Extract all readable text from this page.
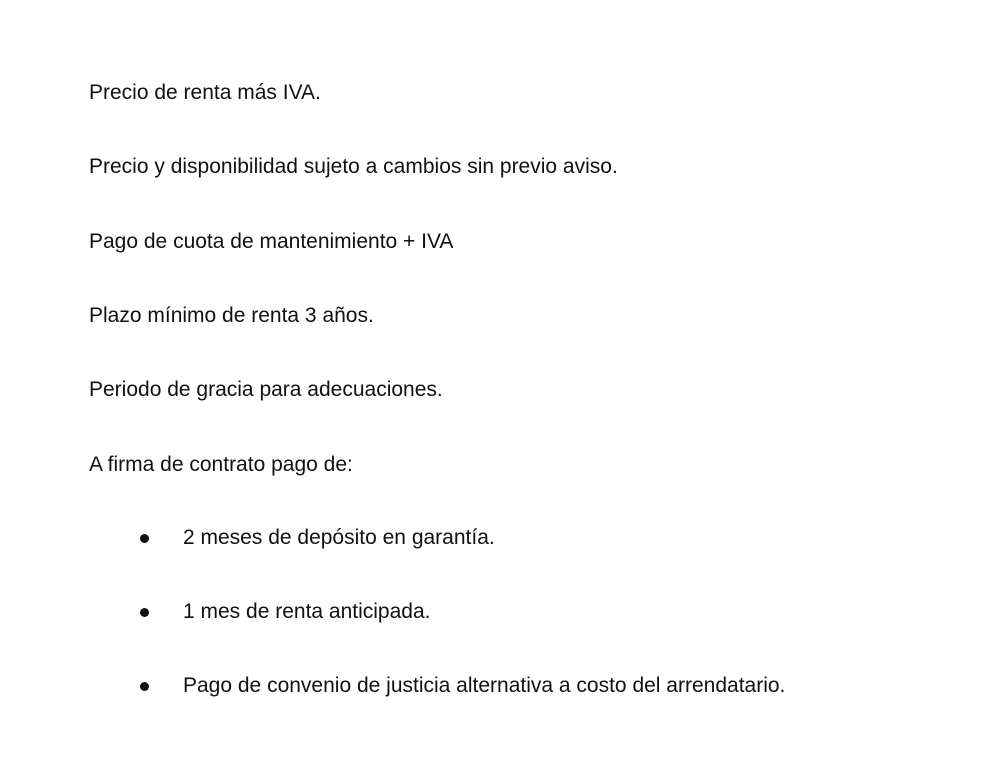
Precio de renta más IVA.

Precio y disponibilidad sujeto a cambios sin previo aviso.

Pago de cuota de mantenimiento + IVA

Plazo mínimo de renta 3 años.

Periodo de gracia para adecuaciones.

A firma de contrato pago de:

2 meses de depósito en garantía.
1 mes de renta anticipada.
Pago de convenio de justicia alternativa a costo del arrendatario.
